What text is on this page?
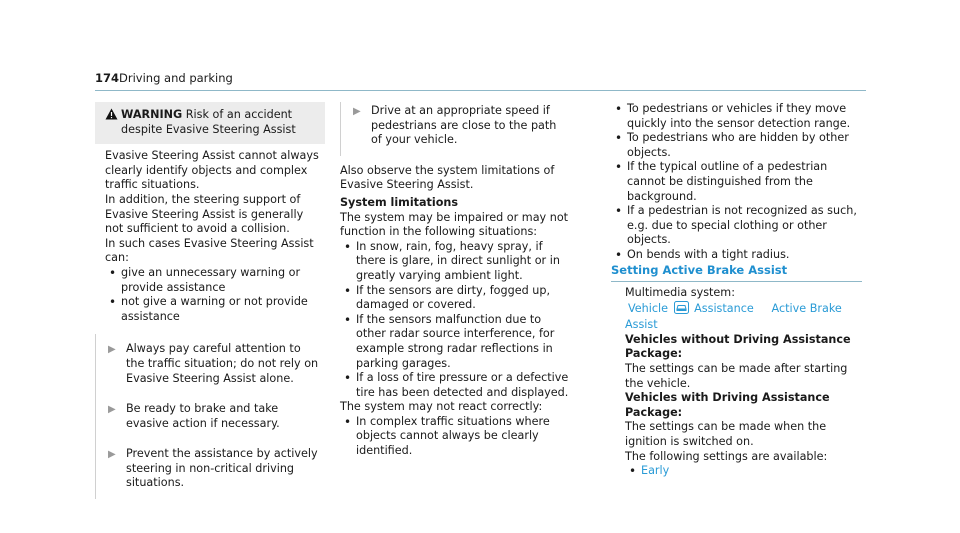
174 Driving and parking
WARNING Risk of an accident despite Evasive Steering Assist

Evasive Steering Assist cannot always clearly identify objects and complex traffic situations.

In addition, the steering support of Evasive Steering Assist is generally not sufficient to avoid a collision.

In such cases Evasive Steering Assist can:

• give an unnecessary warning or provide assistance
• not give a warning or not provide assistance
▶ Always pay careful attention to the traffic situation; do not rely on Evasive Steering Assist alone.
▶ Be ready to brake and take evasive action if necessary.
▶ Prevent the assistance by actively steering in non-critical driving situations.
▶ Drive at an appropriate speed if pedestrians are close to the path of your vehicle.

Also observe the system limitations of Evasive Steering Assist.

System limitations

The system may be impaired or may not function in the following situations:

• In snow, rain, fog, heavy spray, if there is glare, in direct sunlight or in greatly varying ambient light.
• If the sensors are dirty, fogged up, damaged or covered.
• If the sensors malfunction due to other radar source interference, for example strong radar reflections in parking garages.
• If a loss of tire pressure or a defective tire has been detected and displayed.

The system may not react correctly:

• In complex traffic situations where objects cannot always be clearly identified.
• To pedestrians or vehicles if they move quickly into the sensor detection range.
• To pedestrians who are hidden by other objects.
• If the typical outline of a pedestrian cannot be distinguished from the background.
• If a pedestrian is not recognized as such, e.g. due to special clothing or other objects.
• On bends with a tight radius.
Setting Active Brake Assist

Multimedia system:

Vehicle Assistance Active Brake

Assist

Vehicles without Driving Assistance Package:

The settings can be made after starting the vehicle.

Vehicles with Driving Assistance Package:

The settings can be made when the ignition is switched on.

The following settings are available:

• Early
